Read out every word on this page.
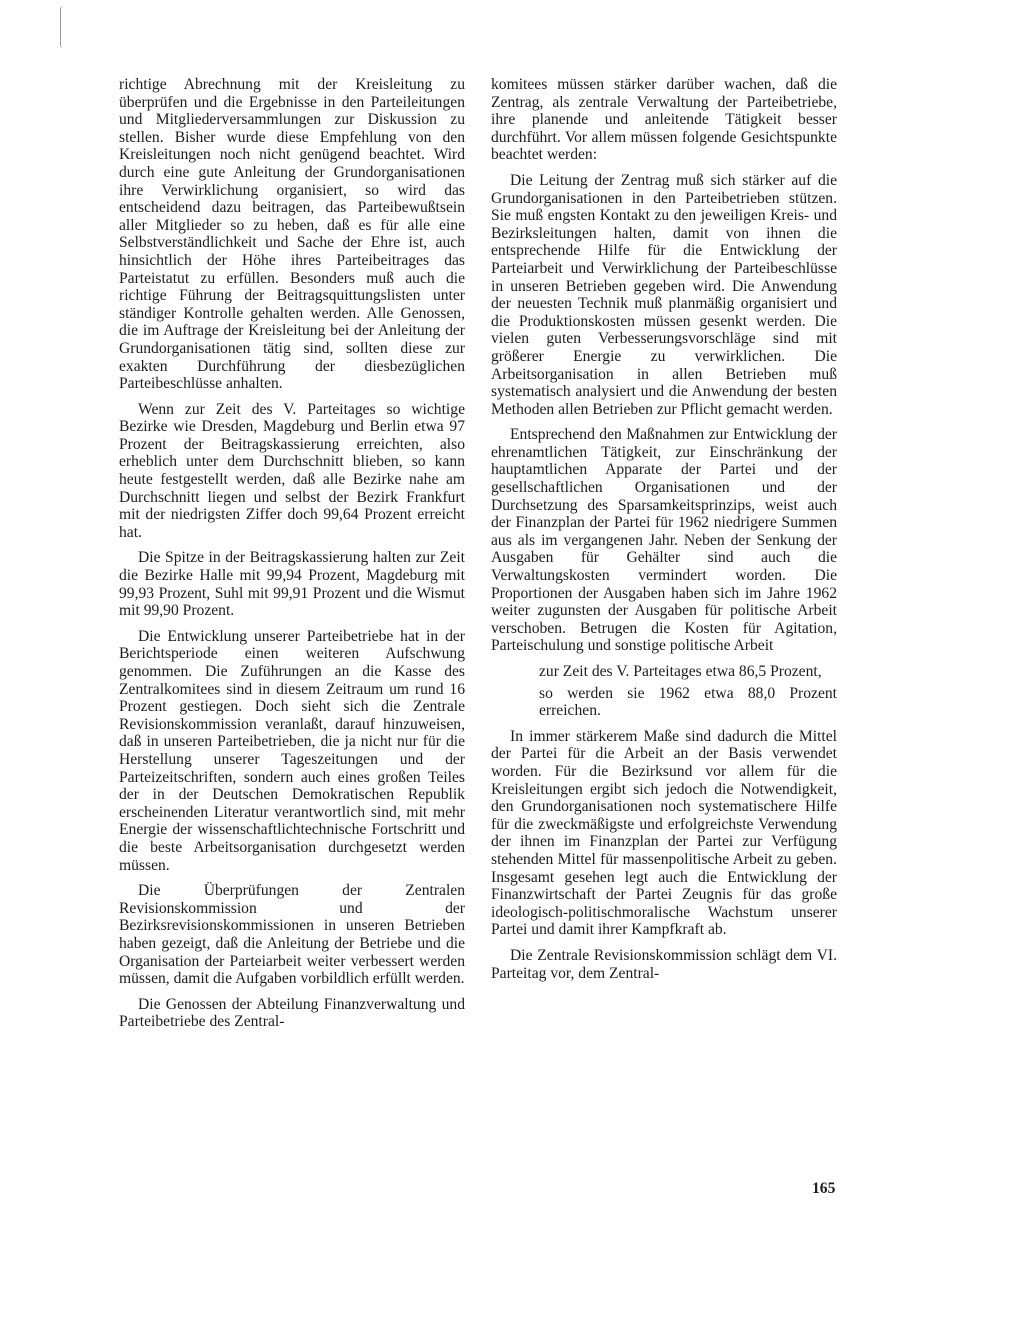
richtige Abrechnung mit der Kreisleitung zu überprüfen und die Ergebnisse in den Parteileitungen und Mitgliederversammlungen zur Diskussion zu stellen. Bisher wurde diese Empfehlung von den Kreisleitungen noch nicht genügend beachtet. Wird durch eine gute Anleitung der Grundorganisationen ihre Verwirklichung organisiert, so wird das entscheidend dazu beitragen, das Parteibewußtsein aller Mitglieder so zu heben, daß es für alle eine Selbstverständlichkeit und Sache der Ehre ist, auch hinsichtlich der Höhe ihres Parteibeitrages das Parteistatut zu erfüllen. Besonders muß auch die richtige Führung der Beitragsquittungslisten unter ständiger Kontrolle gehalten werden. Alle Genossen, die im Auftrage der Kreisleitung bei der Anleitung der Grundorganisationen tätig sind, sollten diese zur exakten Durchführung der diesbezüglichen Parteibeschlüsse anhalten.

Wenn zur Zeit des V. Parteitages so wichtige Bezirke wie Dresden, Magdeburg und Berlin etwa 97 Prozent der Beitragskassierung erreichten, also erheblich unter dem Durchschnitt blieben, so kann heute festgestellt werden, daß alle Bezirke nahe am Durchschnitt liegen und selbst der Bezirk Frankfurt mit der niedrigsten Ziffer doch 99,64 Prozent erreicht hat.

Die Spitze in der Beitragskassierung halten zur Zeit die Bezirke Halle mit 99,94 Prozent, Magdeburg mit 99,93 Prozent, Suhl mit 99,91 Prozent und die Wismut mit 99,90 Prozent.

Die Entwicklung unserer Parteibetriebe hat in der Berichtsperiode einen weiteren Aufschwung genommen. Die Zuführungen an die Kasse des Zentralkomitees sind in diesem Zeitraum um rund 16 Prozent gestiegen. Doch sieht sich die Zentrale Revisionskommission veranlaßt, darauf hinzuweisen, daß in unseren Parteibetrieben, die ja nicht nur für die Herstellung unserer Tageszeitungen und der Parteizeitschriften, sondern auch eines großen Teiles der in der Deutschen Demokratischen Republik erscheinenden Literatur verantwortlich sind, mit mehr Energie der wissenschaftlichtechnische Fortschritt und die beste Arbeitsorganisation durchgesetzt werden müssen.

Die Überprüfungen der Zentralen Revisionskommission und der Bezirksrevisionskommissionen in unseren Betrieben haben gezeigt, daß die Anleitung der Betriebe und die Organisation der Parteiarbeit weiter verbessert werden müssen, damit die Aufgaben vorbildlich erfüllt werden.

Die Genossen der Abteilung Finanzverwaltung und Parteibetriebe des Zentral-

komitees müssen stärker darüber wachen, daß die Zentrag, als zentrale Verwaltung der Parteibetriebe, ihre planende und anleitende Tätigkeit besser durchführt. Vor allem müssen folgende Gesichtspunkte beachtet werden:

Die Leitung der Zentrag muß sich stärker auf die Grundorganisationen in den Parteibetrieben stützen. Sie muß engsten Kontakt zu den jeweiligen Kreis- und Bezirksleitungen halten, damit von ihnen die entsprechende Hilfe für die Entwicklung der Parteiarbeit und Verwirklichung der Parteibeschlüsse in unseren Betrieben gegeben wird. Die Anwendung der neuesten Technik muß planmäßig organisiert und die Produktionskosten müssen gesenkt werden. Die vielen guten Verbesserungsvorschläge sind mit größerer Energie zu verwirklichen. Die Arbeitsorganisation in allen Betrieben muß systematisch analysiert und die Anwendung der besten Methoden allen Betrieben zur Pflicht gemacht werden.

Entsprechend den Maßnahmen zur Entwicklung der ehrenamtlichen Tätigkeit, zur Einschränkung der hauptamtlichen Apparate der Partei und der gesellschaftlichen Organisationen und der Durchsetzung des Sparsamkeitsprinzips, weist auch der Finanzplan der Partei für 1962 niedrigere Summen aus als im vergangenen Jahr. Neben der Senkung der Ausgaben für Gehälter sind auch die Verwaltungskosten vermindert worden. Die Proportionen der Ausgaben haben sich im Jahre 1962 weiter zugunsten der Ausgaben für politische Arbeit verschoben. Betrugen die Kosten für Agitation, Parteischulung und sonstige politische Arbeit

zur Zeit des V. Parteitages etwa 86,5 Prozent,

so werden sie 1962 etwa 88,0 Prozent erreichen.

In immer stärkerem Maße sind dadurch die Mittel der Partei für die Arbeit an der Basis verwendet worden. Für die Bezirksund vor allem für die Kreisleitungen ergibt sich jedoch die Notwendigkeit, den Grundorganisationen noch systematischere Hilfe für die zweckmäßigste und erfolgreichste Verwendung der ihnen im Finanzplan der Partei zur Verfügung stehenden Mittel für massenpolitische Arbeit zu geben. Insgesamt gesehen legt auch die Entwicklung der Finanzwirtschaft der Partei Zeugnis für das große ideologisch-politischmoralische Wachstum unserer Partei und damit ihrer Kampfkraft ab.

Die Zentrale Revisionskommission schlägt dem VI. Parteitag vor, dem Zentral-

165
